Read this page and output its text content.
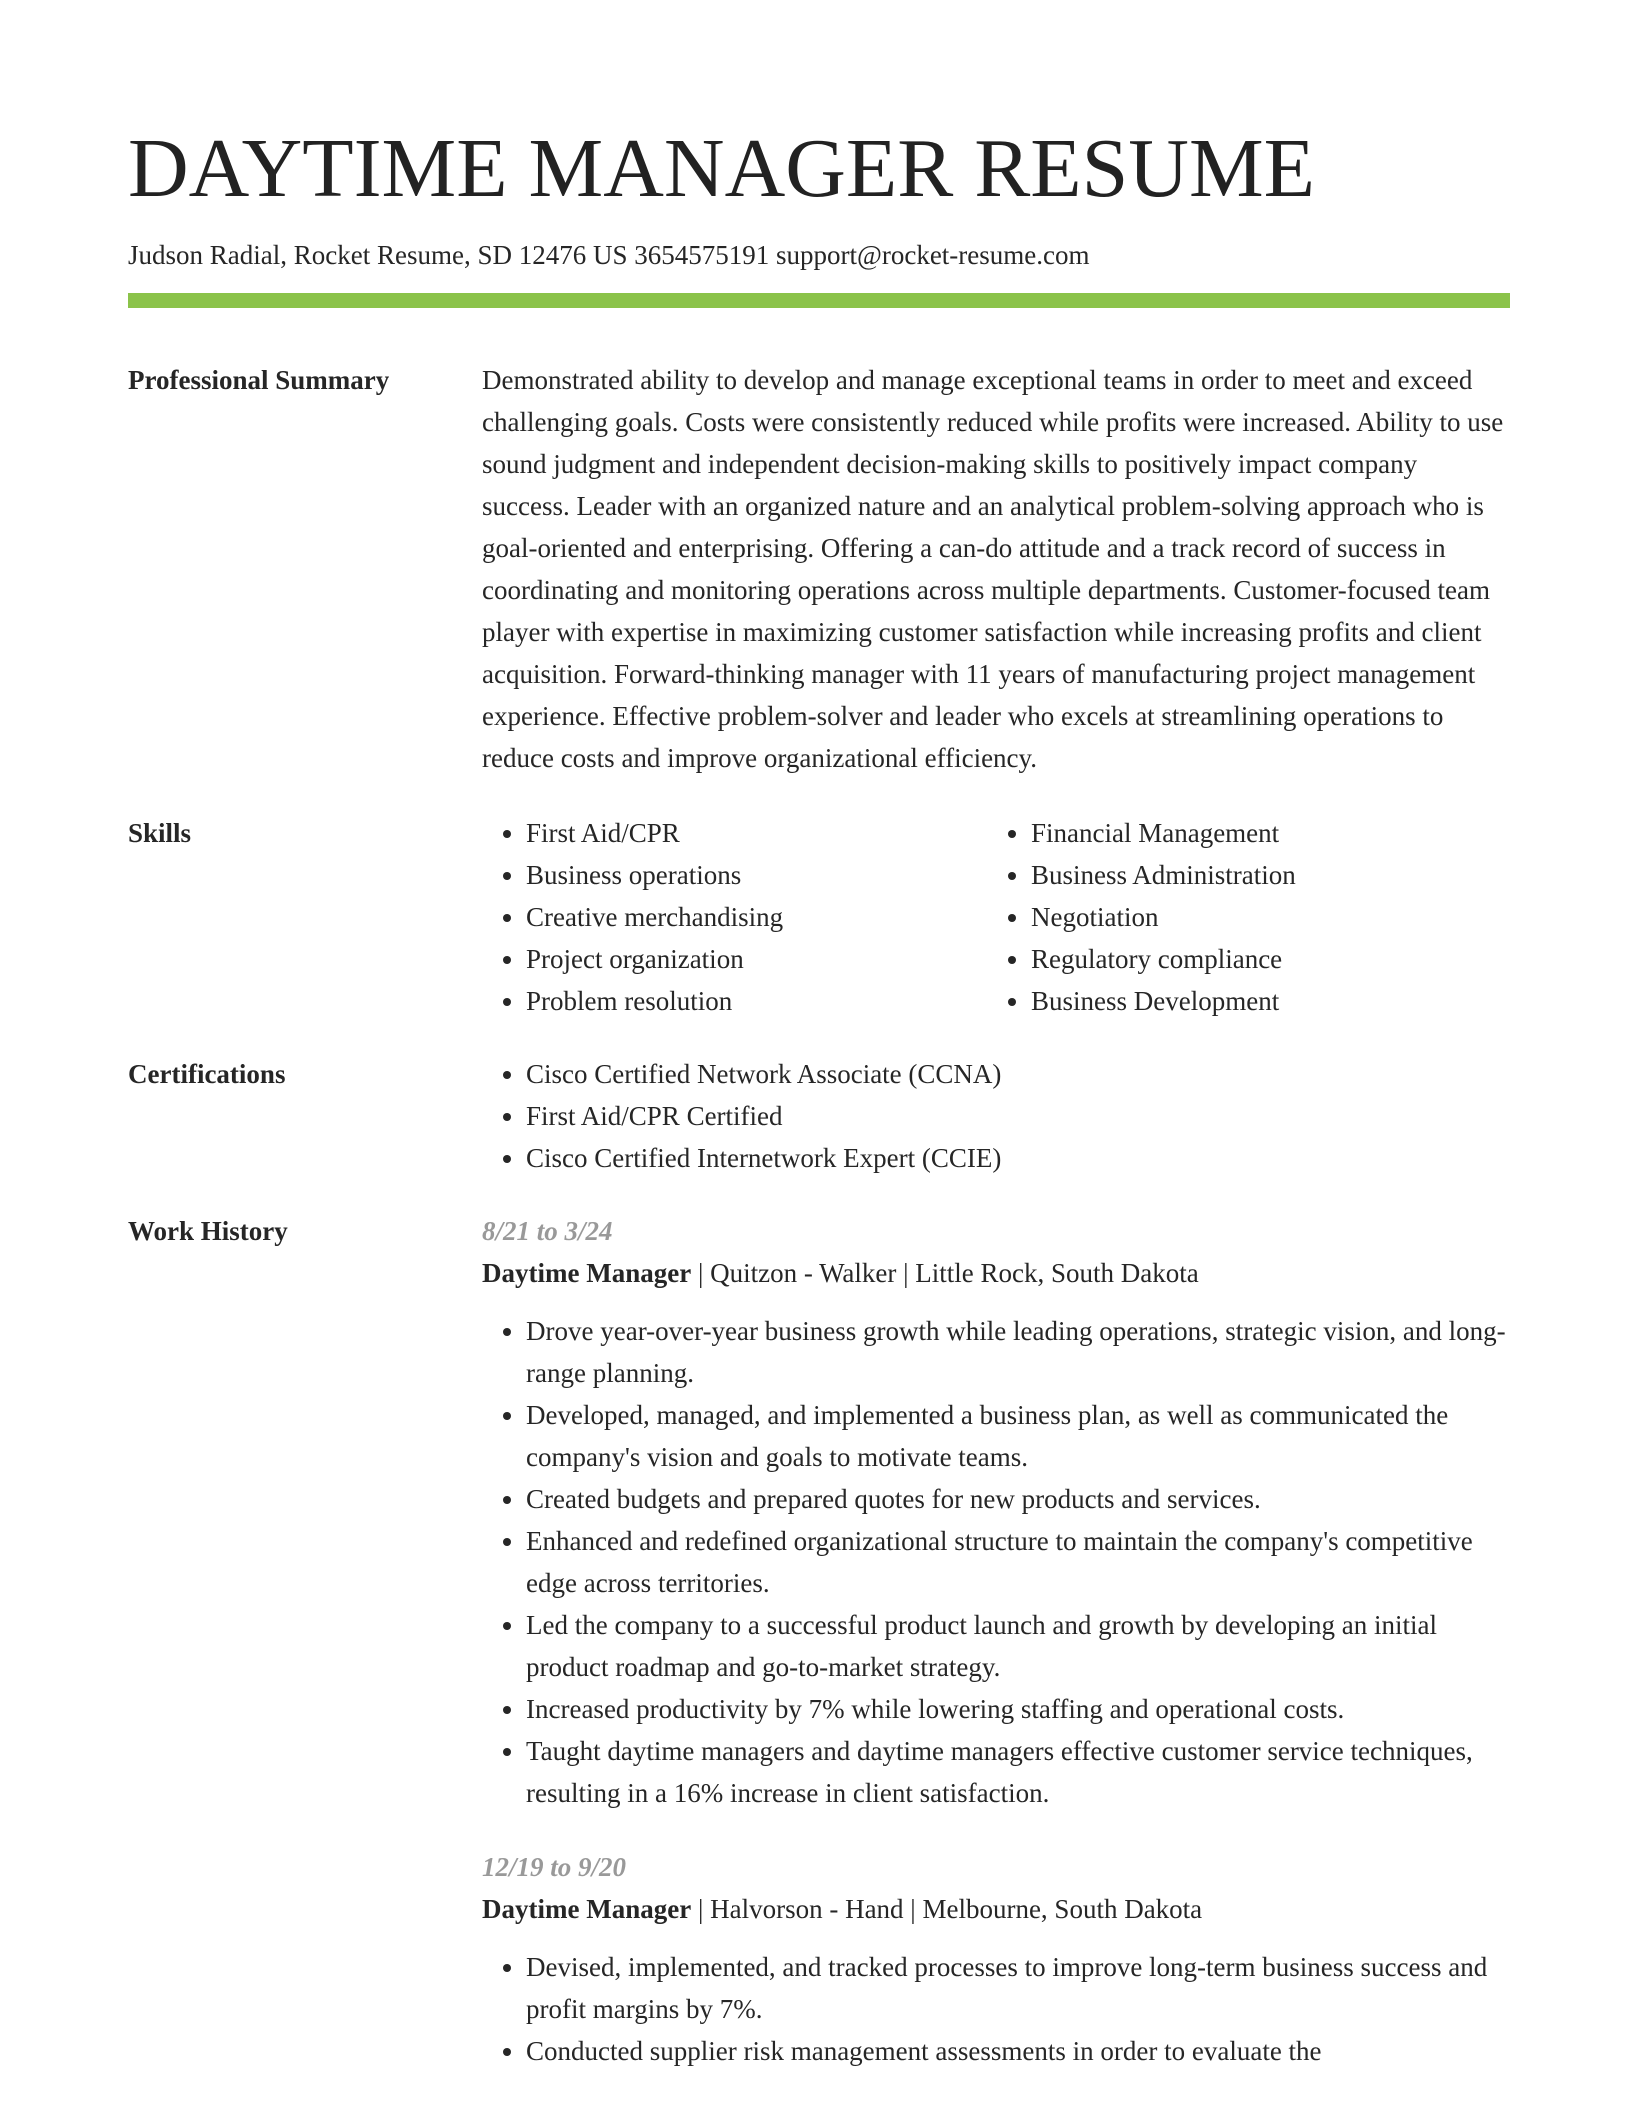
DAYTIME MANAGER RESUME
Judson Radial, Rocket Resume, SD 12476 US 3654575191 support@rocket-resume.com
Professional Summary	Demonstrated ability to develop and manage exceptional teams in order to meet and exceed challenging goals. Costs were consistently reduced while profits were increased. Ability to use sound judgment and independent decision-making skills to positively impact company success. Leader with an organized nature and an analytical problem-solving approach who is goal-oriented and enterprising. Offering a can-do attitude and a track record of success in coordinating and monitoring operations across multiple departments. Customer-focused team player with expertise in maximizing customer satisfaction while increasing profits and client acquisition. Forward-thinking manager with 11 years of manufacturing project management experience. Effective problem-solver and leader who excels at streamlining operations to reduce costs and improve organizational efficiency.
Skills	• First Aid/CPR
• Business operations
• Creative merchandising
• Project organization
• Problem resolution
• Financial Management
• Business Administration
• Negotiation
• Regulatory compliance
• Business Development
Certifications	• Cisco Certified Network Associate (CCNA)
• First Aid/CPR Certified
• Cisco Certified Internetwork Expert (CCIE)
Work History	8/21 to 3/24
Daytime Manager | Quitzon - Walker | Little Rock, South Dakota
• Drove year-over-year business growth while leading operations, strategic vision, and long-range planning.
• Developed, managed, and implemented a business plan, as well as communicated the company's vision and goals to motivate teams.
• Created budgets and prepared quotes for new products and services.
• Enhanced and redefined organizational structure to maintain the company's competitive edge across territories.
• Led the company to a successful product launch and growth by developing an initial product roadmap and go-to-market strategy.
• Increased productivity by 7% while lowering staffing and operational costs.
• Taught daytime managers and daytime managers effective customer service techniques, resulting in a 16% increase in client satisfaction.
12/19 to 9/20
Daytime Manager | Halvorson - Hand | Melbourne, South Dakota
• Devised, implemented, and tracked processes to improve long-term business success and profit margins by 7%.
• Conducted supplier risk management assessments in order to evaluate the
